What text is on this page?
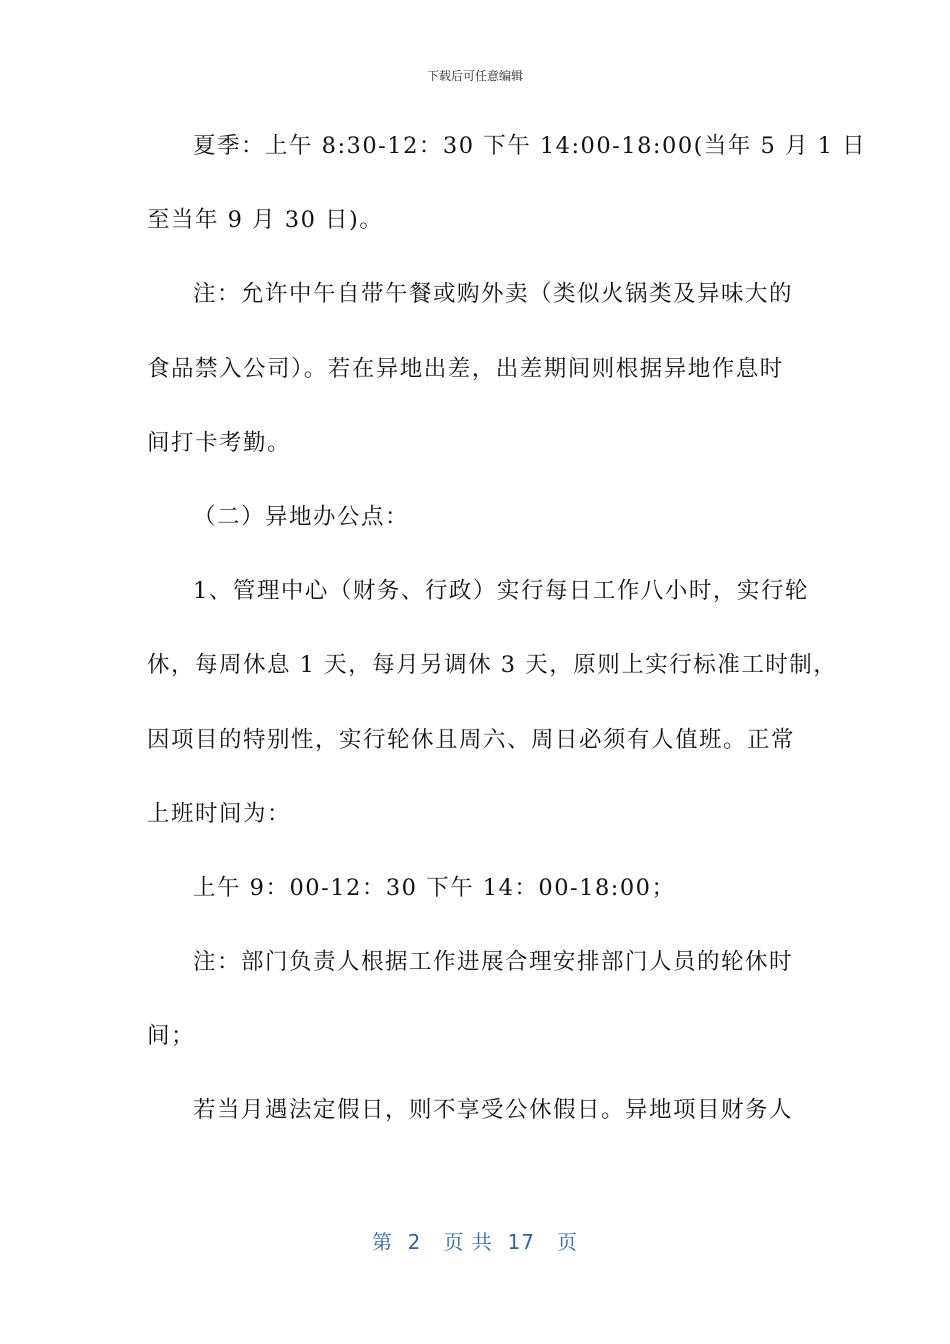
下载后可任意编辑
夏季：上午 8:30-12：30 下午 14:00-18:00(当年 5 月 1 日
至当年 9 月 30 日)。
注：允许中午自带午餐或购外卖（类似火锅类及异味大的
食品禁入公司）。若在异地出差，出差期间则根据异地作息时
间打卡考勤。
（二）异地办公点：
1、管理中心（财务、行政）实行每日工作八小时，实行轮
休，每周休息 1 天，每月另调休 3 天，原则上实行标准工时制，
因项目的特别性，实行轮休且周六、周日必须有人值班。正常
上班时间为：
上午 9：00-12：30 下午 14：00-18:00；
注：部门负责人根据工作进展合理安排部门人员的轮休时
间；
若当月遇法定假日，则不享受公休假日。异地项目财务人
第  2   页 共  17   页
